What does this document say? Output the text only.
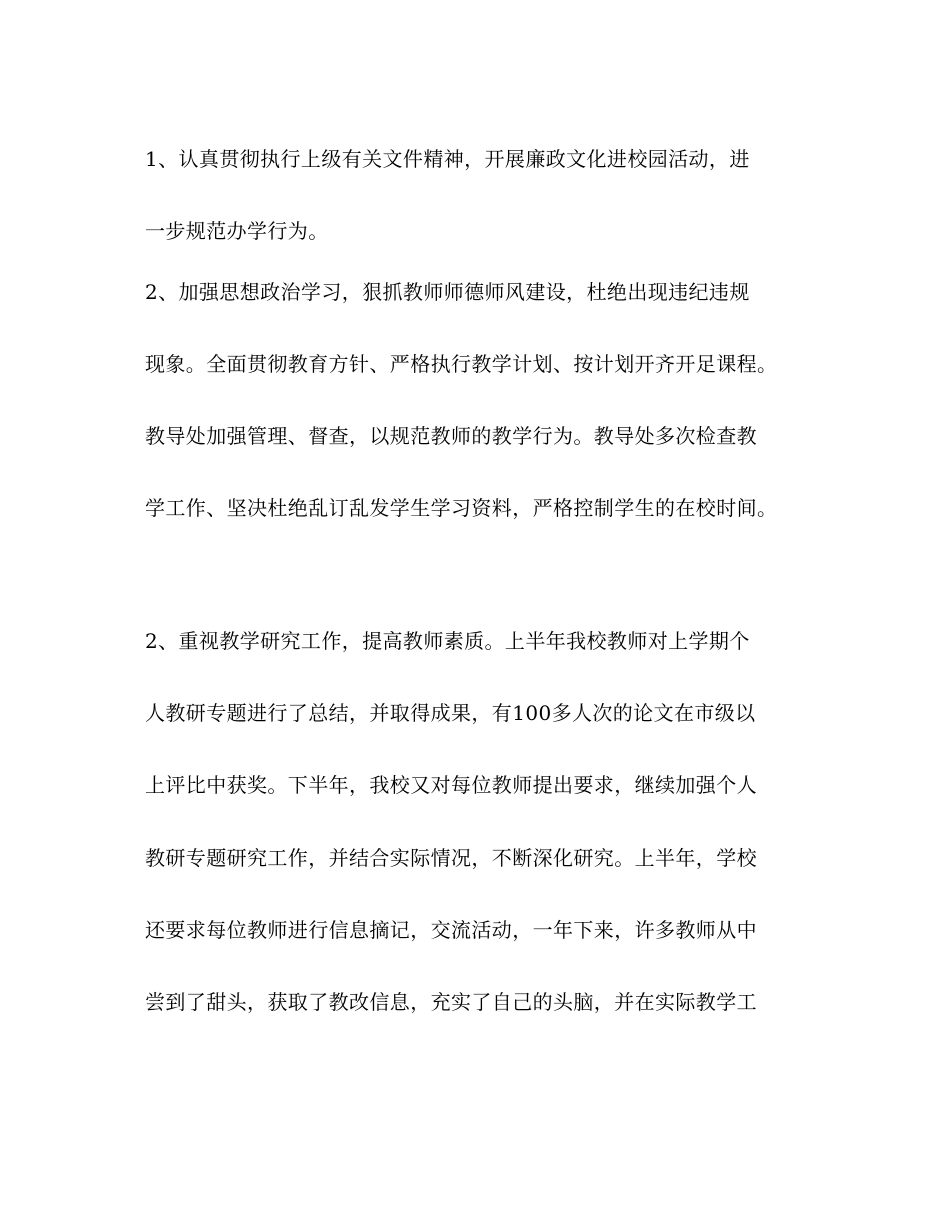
1、认真贯彻执行上级有关文件精神，开展廉政文化进校园活动，进
一步规范办学行为。
2、加强思想政治学习，狠抓教师师德师风建设，杜绝出现违纪违规
现象。全面贯彻教育方针、严格执行教学计划、按计划开齐开足课程。
教导处加强管理、督查，以规范教师的教学行为。教导处多次检查教
学工作、坚决杜绝乱订乱发学生学习资料，严格控制学生的在校时间。
2、重视教学研究工作，提高教师素质。上半年我校教师对上学期个
人教研专题进行了总结，并取得成果，有100多人次的论文在市级以
上评比中获奖。下半年，我校又对每位教师提出要求，继续加强个人
教研专题研究工作，并结合实际情况，不断深化研究。上半年，学校
还要求每位教师进行信息摘记，交流活动，一年下来，许多教师从中
尝到了甜头，获取了教改信息，充实了自己的头脑，并在实际教学工
